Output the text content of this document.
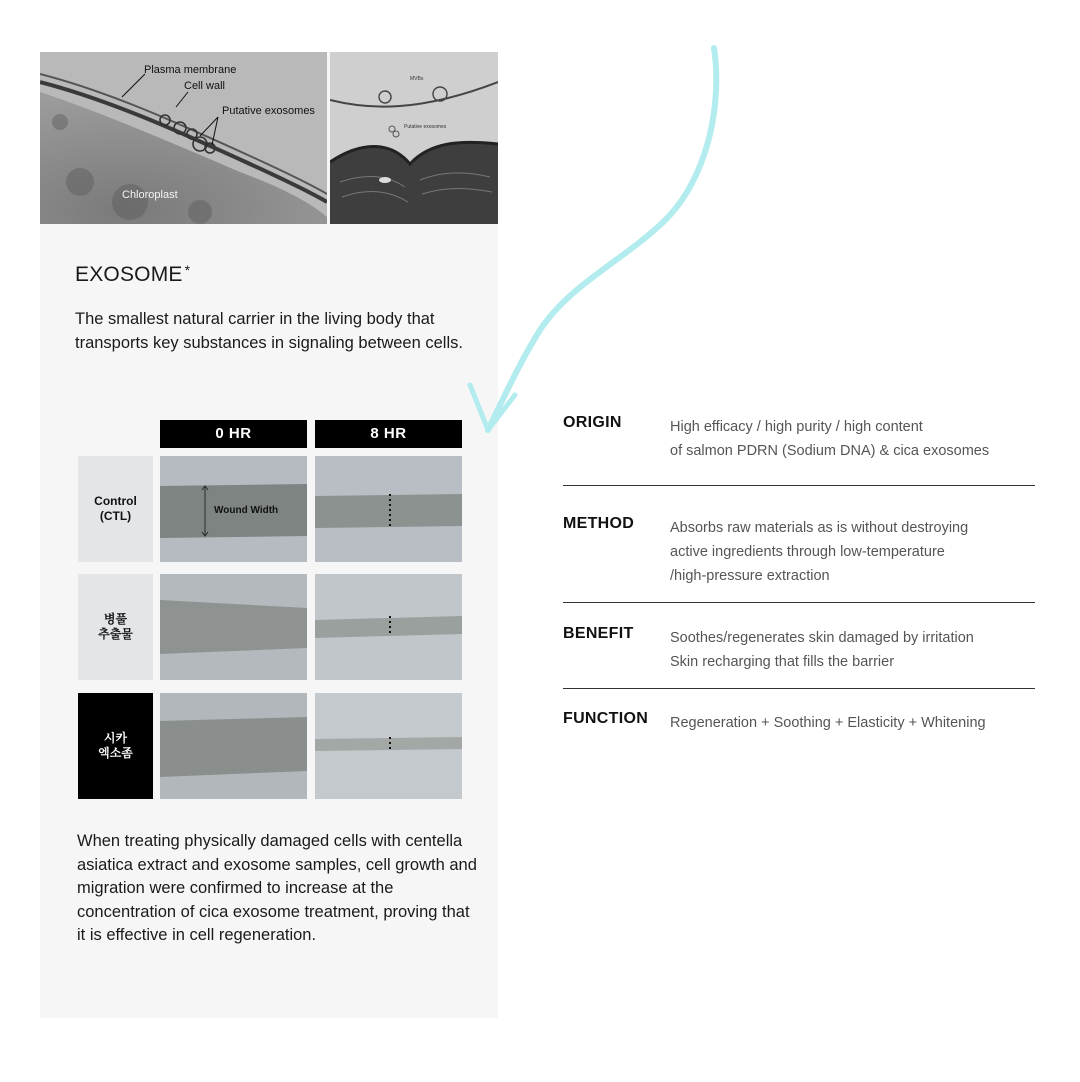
Plasma membrane
Cell wall
Putative exosomes
Chloroplast
MVBs
Putative exosomes
EXOSOME *
The smallest natural carrier in the living body that transports key substances in signaling between cells.
0 HR	8 HR
Control
(CTL)
병풀
추출물
시카
엑소좀
Wound Width
When treating physically damaged cells with centella asiatica extract and exosome samples, cell growth and migration were confirmed to increase at the concentration of cica exosome treatment, proving that it is effective in cell regeneration.
ORIGIN	High efficacy / high purity / high content
of salmon PDRN (Sodium DNA) & cica exosomes
METHOD Absorbs raw materials as is without destroying
active ingredients through low-temperature
/high-pressure extraction
BENEFIT	Soothes/regenerates skin damaged by irritation
Skin recharging that fills the barrier
FUNCTION Regeneration + Soothing + Elasticity + Whitening
